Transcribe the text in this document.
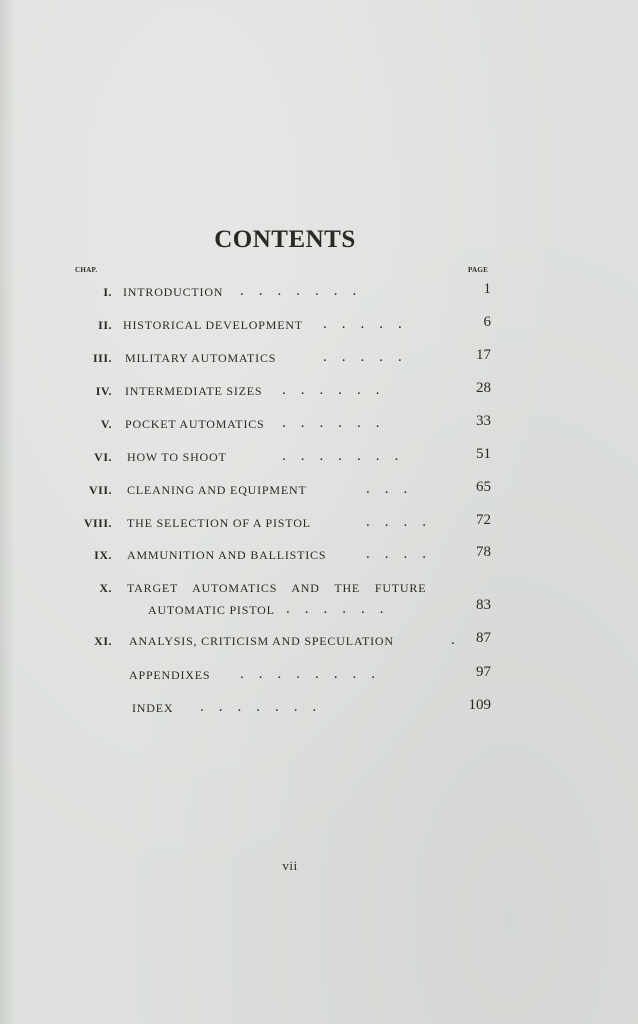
CONTENTS
CHAP.	PAGE
I. INTRODUCTION .    .    .    .    .    .    .	1
II. HISTORICAL DEVELOPMENT .    .    .    .    .	6
III. MILITARY AUTOMATICS	.    .    .    .    .	17
IV. INTERMEDIATE SIZES .    .    .    .    .    .	28
V. POCKET AUTOMATICS .    .    .    .    .    .	33
VI. HOW TO SHOOT	.    .    .    .    .    .    .	51
VII. CLEANING AND EQUIPMENT	.    .    .	65
VIII. THE SELECTION OF A PISTOL	.    .    .    .	72
IX. AMMUNITION AND BALLISTICS	.    .    .    .	78
X. TARGET AUTOMATICS AND THE FUTURE
AUTOMATIC PISTOL .    .    .    .    .    .	83
XI. ANALYSIS, CRITICISM AND SPECULATION	. 87
APPENDIXES .    .    .    .    .    .    .    .	97
INDEX .    .    .    .    .    .    .	109
vii
